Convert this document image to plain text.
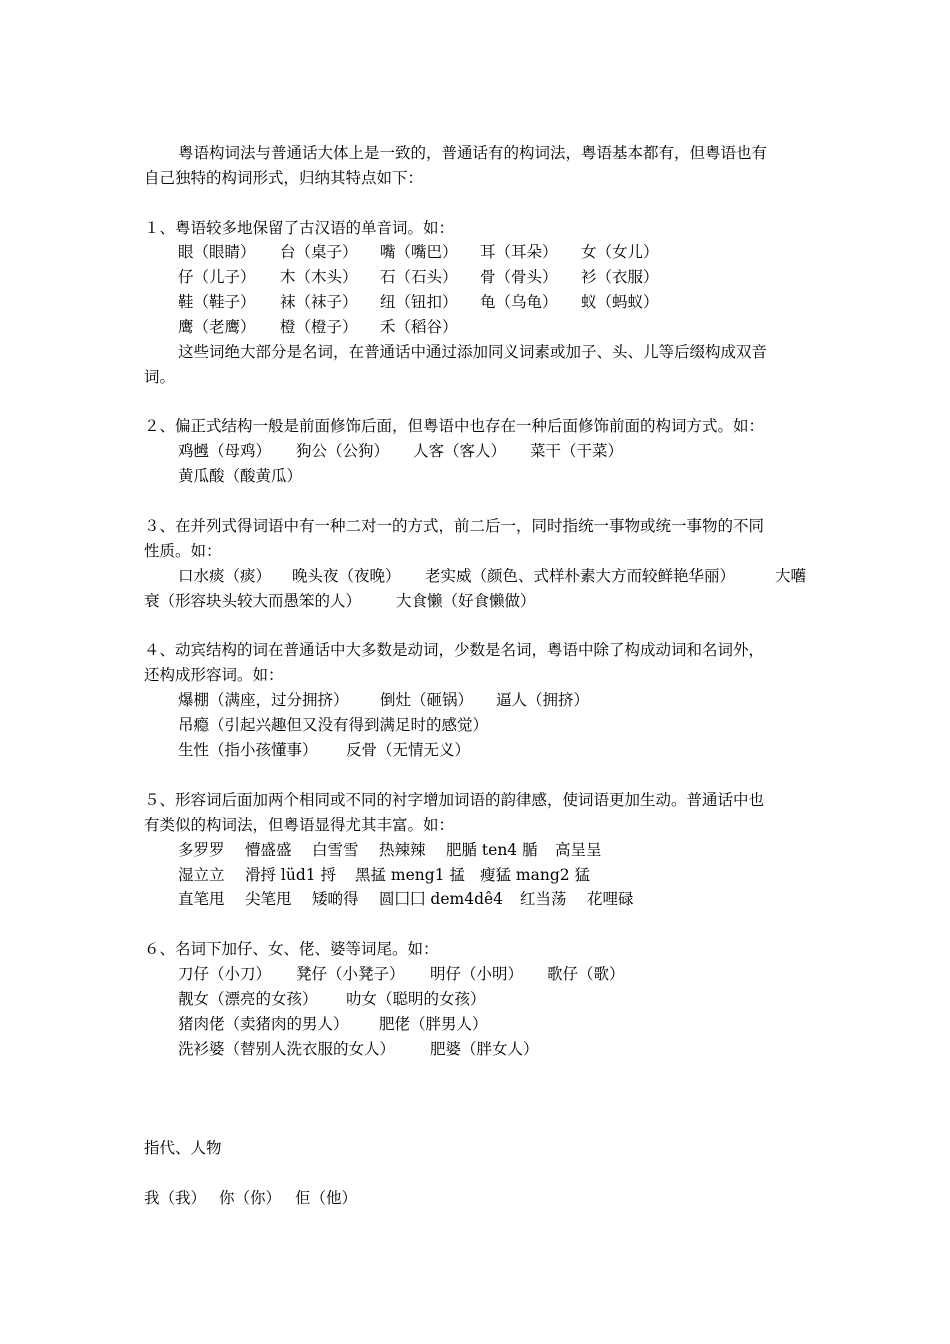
粤语构词法与普通话大体上是一致的，普通话有的构词法，粤语基本都有，但粤语也有
自己独特的构词形式，归纳其特点如下：
１、粤语较多地保留了古汉语的单音词。如：
眼（眼睛） 台（桌子） 嘴（嘴巴） 耳（耳朵） 女（女儿）
仔（儿子） 木（木头） 石（石头） 骨（骨头） 衫（衣服）
鞋（鞋子） 袜（袜子） 纽（钮扣） 龟（乌龟） 蚁（蚂蚁）
鹰（老鹰） 橙（橙子） 禾（稻谷）
这些词绝大部分是名词，在普通话中通过添加同义词素或加子、头、儿等后缀构成双音
词。
２、偏正式结构一般是前面修饰后面，但粤语中也存在一种后面修饰前面的构词方式。如：
鸡乸（母鸡） 狗公（公狗） 人客（客人） 菜干（干菜）
黄瓜酸（酸黄瓜）
３、在并列式得词语中有一种二对一的方式，前二后一，同时指统一事物或统一事物的不同
性质。如：
口水痰（痰） 晚头夜（夜晚） 老实威（颜色、式样朴素大方而较鲜艳华丽）	大嚿
衰（形容块头较大而愚笨的人） 大食懒（好食懒做）
４、动宾结构的词在普通话中大多数是动词，少数是名词，粤语中除了构成动词和名词外，
还构成形容词。如：
爆棚（满座，过分拥挤） 倒灶（砸锅） 逼人（拥挤）
吊瘾（引起兴趣但又没有得到满足时的感觉）
生性（指小孩懂事） 反骨（无情无义）
５、形容词后面加两个相同或不同的衬字增加词语的韵律感，使词语更加生动。普通话中也
有类似的构词法，但粤语显得尤其丰富。如：
多罗罗 懵盛盛 白雪雪 热辣辣 肥腯 ten4 腯 高呈呈
湿立立 滑捋 lüd1 捋 黑掹 meng1 掹 瘦猛 mang2 猛
直笔甩 尖笔甩 矮啲得 圆囗囗 dem4dê4 红当荡 花哩碌
６、名词下加仔、女、佬、婆等词尾。如：
刀仔（小刀） 凳仔（小凳子） 明仔（小明） 歌仔（歌）
靓女（漂亮的女孩） 叻女（聪明的女孩）
猪肉佬（卖猪肉的男人） 肥佬（胖男人）
洗衫婆（替别人洗衣服的女人） 肥婆（胖女人）
指代、人物
我（我） 你（你） 佢（他）
